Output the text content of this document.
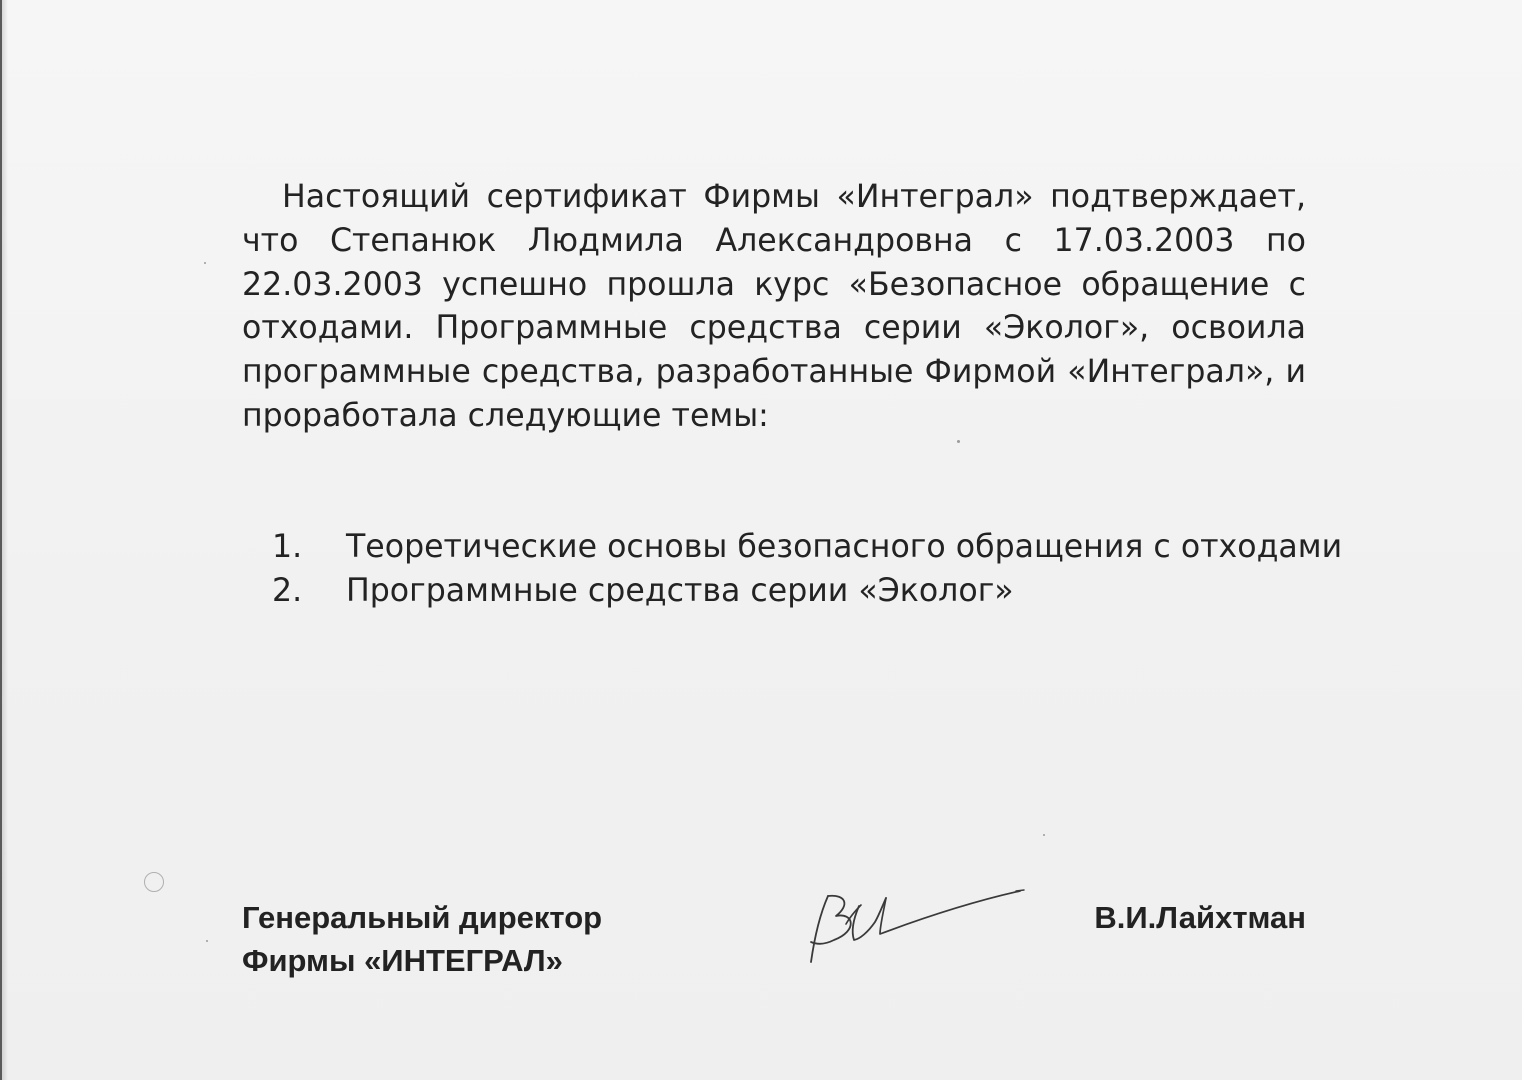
Настоящий сертификат Фирмы «Интеграл» подтверждает, что Степанюк Людмила Александровна с 17.03.2003 по 22.03.2003 успешно прошла курс «Безопасное обращение с отходами. Программные средства серии «Эколог», освоила программные средства, разработанные Фирмой «Интеграл», и проработала следующие темы:

1.	Теоретические основы безопасного обращения с отходами
2.	Программные средства серии «Эколог»
Генеральный директор
Фирмы «ИНТЕГРАЛ»
В.И.Лайхтман
